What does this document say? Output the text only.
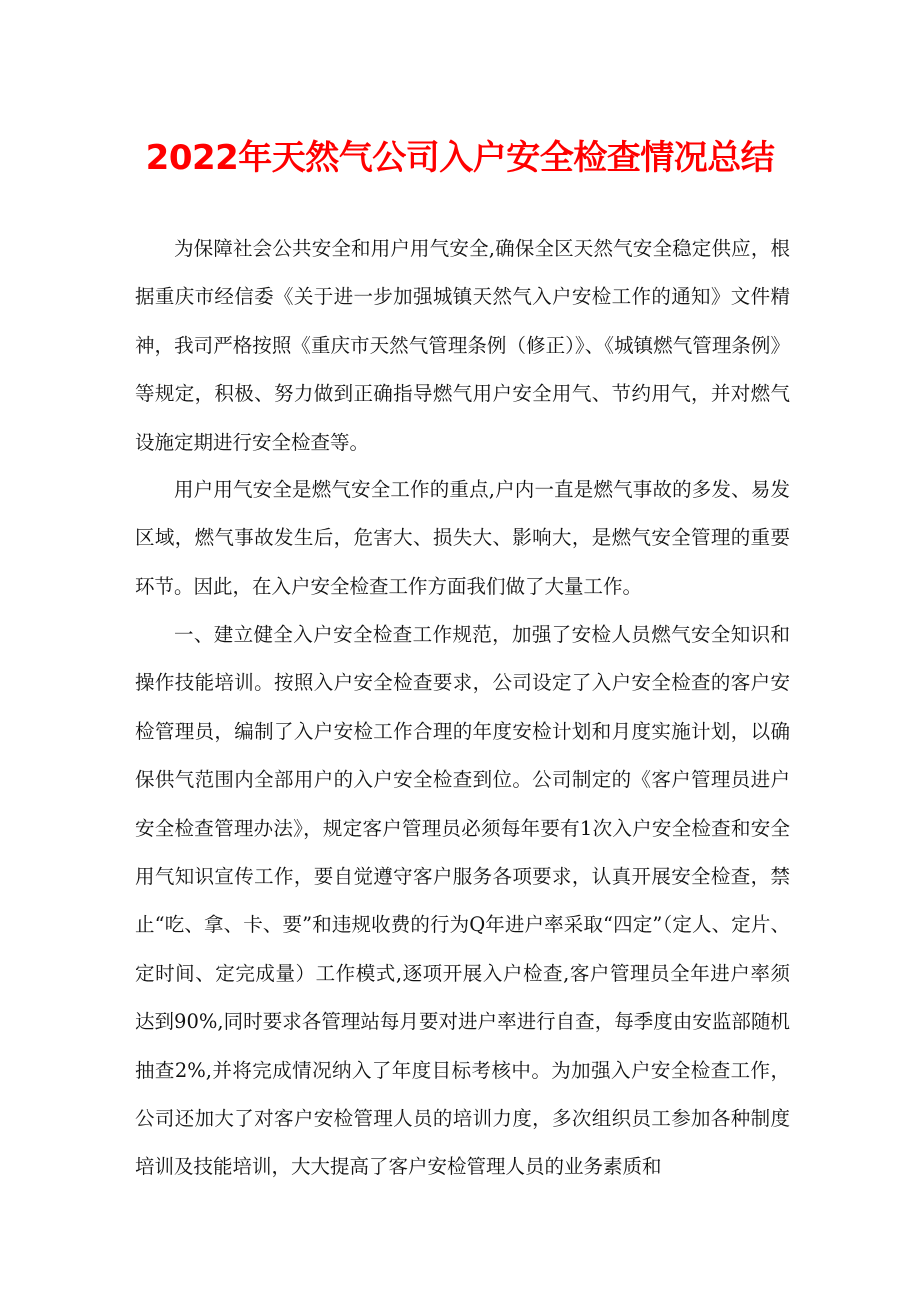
2022年天然气公司入户安全检查情况总结

为保障社会公共安全和用户用气安全,确保全区天然气安全稳定供应，根据重庆市经信委《关于进一步加强城镇天然气入户安检工作的通知》文件精神，我司严格按照《重庆市天然气管理条例（修正）》、《城镇燃气管理条例》等规定，积极、努力做到正确指导燃气用户安全用气、节约用气，并对燃气设施定期进行安全检查等。

用户用气安全是燃气安全工作的重点,户内一直是燃气事故的多发、易发区域，燃气事故发生后，危害大、损失大、影响大，是燃气安全管理的重要环节。因此，在入户安全检查工作方面我们做了大量工作。

一、建立健全入户安全检查工作规范，加强了安检人员燃气安全知识和操作技能培训。按照入户安全检查要求，公司设定了入户安全检查的客户安检管理员，编制了入户安检工作合理的年度安检计划和月度实施计划，以确保供气范围内全部用户的入户安全检查到位。公司制定的《客户管理员进户安全检查管理办法》，规定客户管理员必须每年要有1次入户安全检查和安全用气知识宣传工作，要自觉遵守客户服务各项要求，认真开展安全检查，禁止“吃、拿、卡、要”和违规收费的行为Q年进户率采取“四定”（定人、定片、定时间、定完成量）工作模式,逐项开展入户检查,客户管理员全年进户率须达到90%,同时要求各管理站每月要对进户率进行自查，每季度由安监部随机抽查2%,并将完成情况纳入了年度目标考核中。为加强入户安全检查工作，公司还加大了对客户安检管理人员的培训力度，多次组织员工参加各种制度培训及技能培训，大大提高了客户安检管理人员的业务素质和
